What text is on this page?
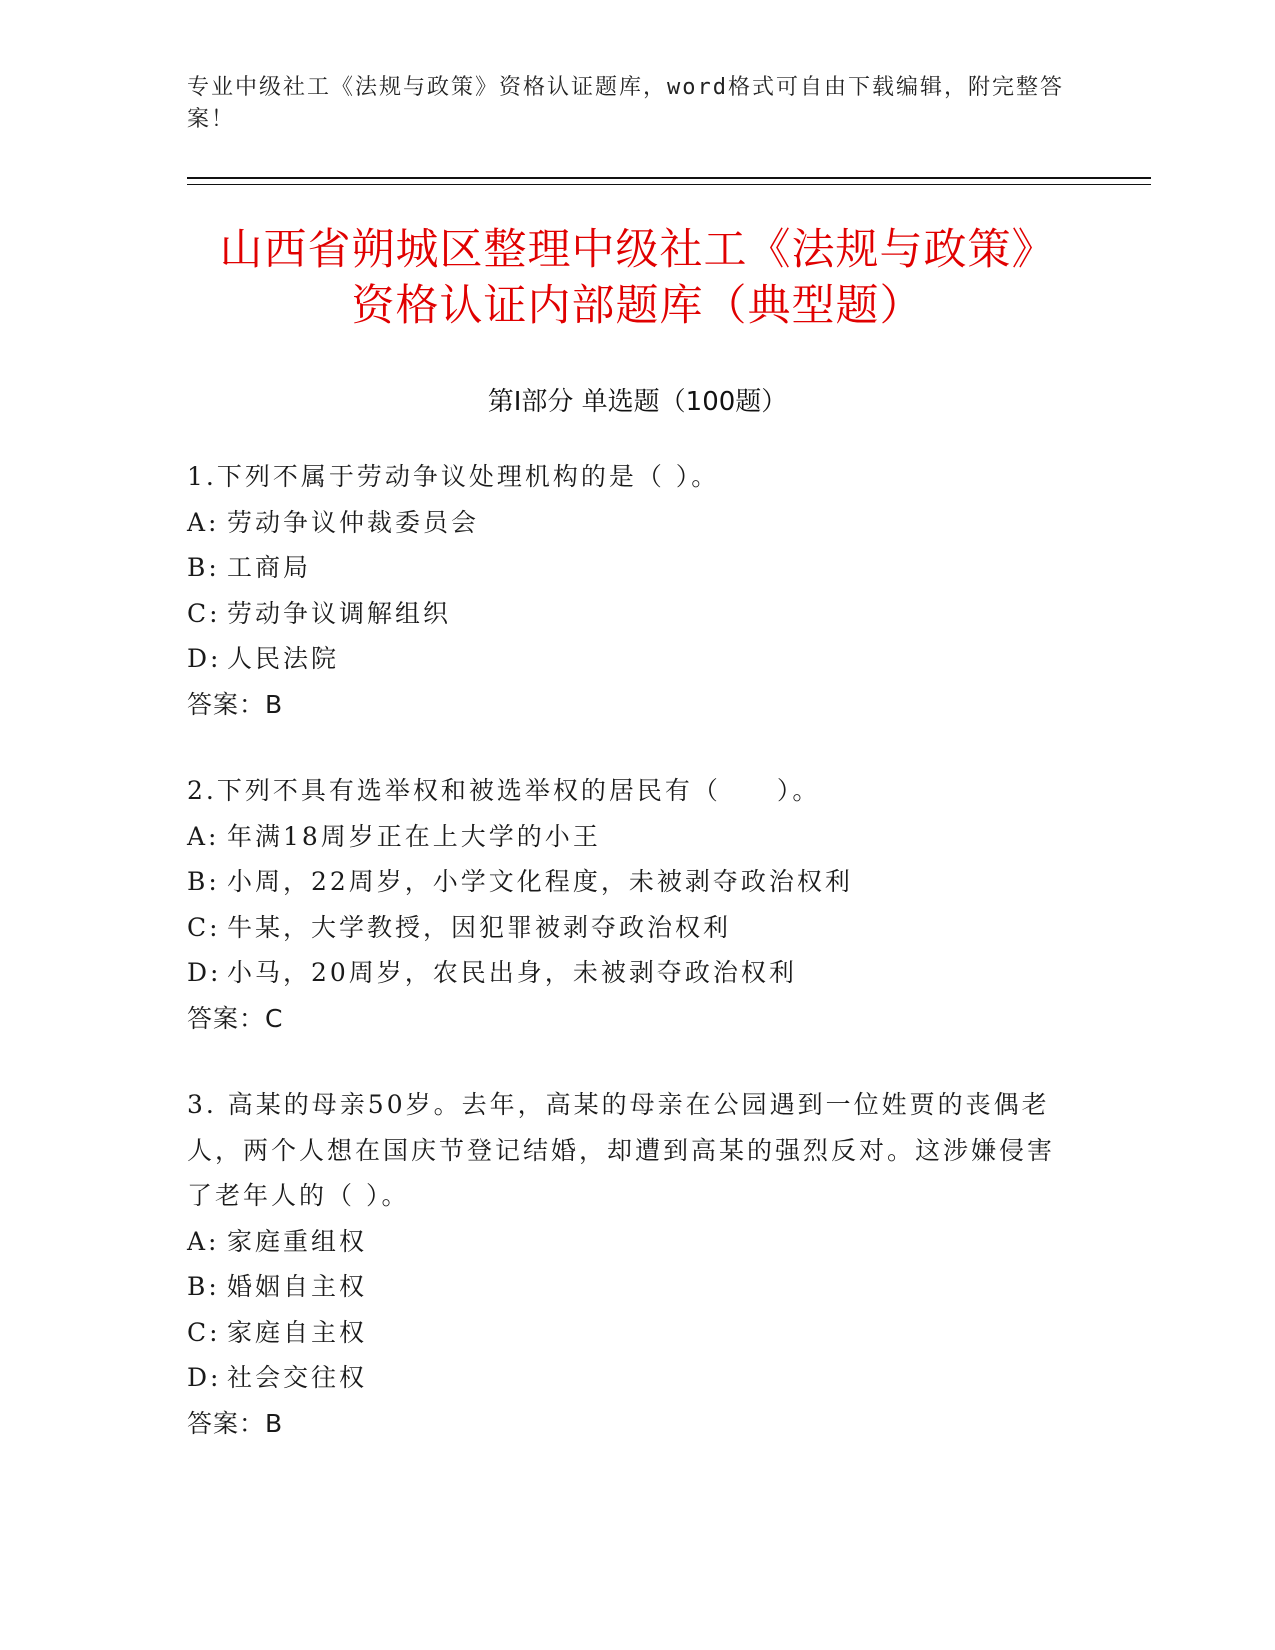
专业中级社工《法规与政策》资格认证题库，word格式可自由下载编辑，附完整答案！
山西省朔城区整理中级社工《法规与政策》
资格认证内部题库（典型题）
第Ⅰ部分 单选题（100题）
1.下列不属于劳动争议处理机构的是（ ）。
A: 劳动争议仲裁委员会
B: 工商局
C: 劳动争议调解组织
D: 人民法院
答案：B
2.下列不具有选举权和被选举权的居民有（　　）。
A: 年满18周岁正在上大学的小王
B: 小周，22周岁，小学文化程度，未被剥夺政治权利
C: 牛某，大学教授，因犯罪被剥夺政治权利
D: 小马，20周岁，农民出身，未被剥夺政治权利
答案：C
3. 高某的母亲50岁。去年，高某的母亲在公园遇到一位姓贾的丧偶老人，两个人想在国庆节登记结婚，却遭到高某的强烈反对。这涉嫌侵害了老年人的（ ）。
A: 家庭重组权
B: 婚姻自主权
C: 家庭自主权
D: 社会交往权
答案：B
